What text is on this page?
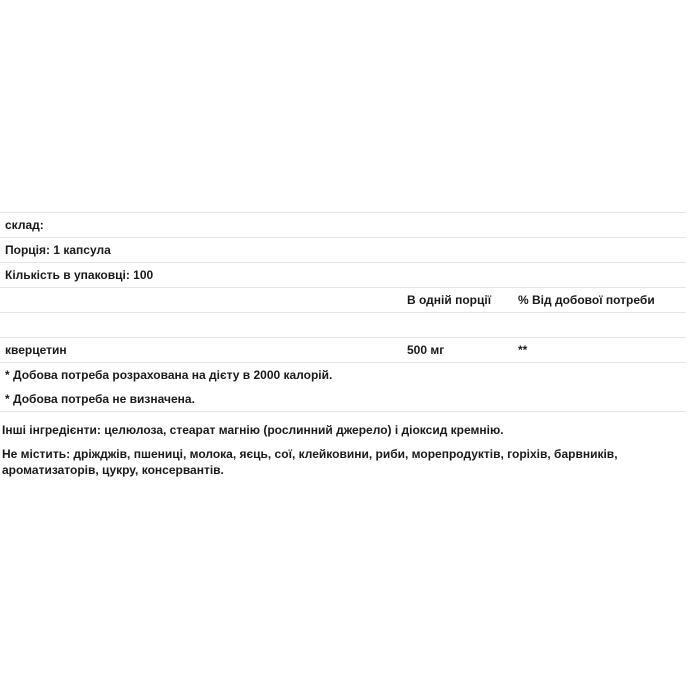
склад:
Порція: 1 капсула
Кількість в упаковці: 100
В одній порції % Від добової потреби
кверцетин	500 мг	**
* Добова потреба розрахована на дієту в 2000 калорій.
* Добова потреба не визначена.

Інші інгредієнти: целюлоза, стеарат магнію (рослинний джерело) і діоксид кремнію.

Не містить: дріжджів, пшениці, молока, яєць, сої, клейковини, риби, морепродуктів, горіхів, барвників, ароматизаторів, цукру, консервантів.
